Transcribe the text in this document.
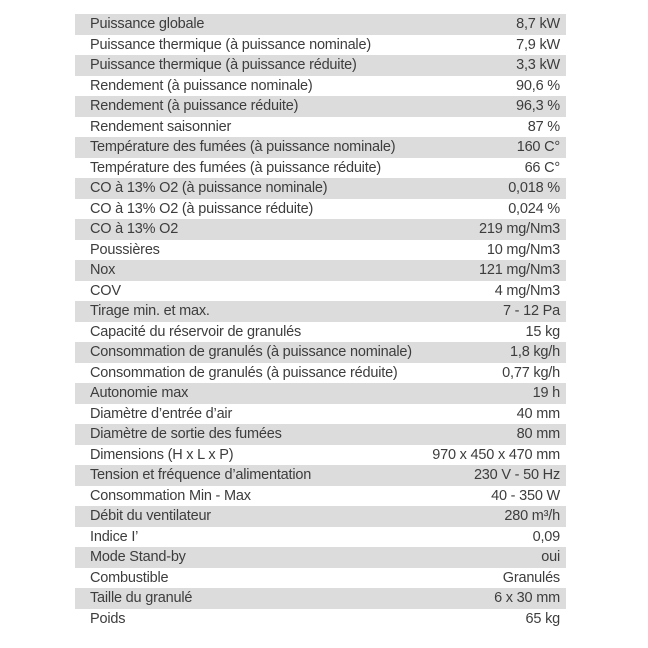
Puissance globale	8,7 kW
Puissance thermique (à puissance nominale)	7,9 kW
Puissance thermique (à puissance réduite)	3,3 kW
Rendement (à puissance nominale)	90,6 %
Rendement (à puissance réduite)	96,3 %
Rendement saisonnier	87 %
Température des fumées (à puissance nominale)	160 C°
Température des fumées (à puissance réduite)	66 C°
CO à 13% O2 (à puissance nominale)	0,018 %
CO à 13% O2 (à puissance réduite)	0,024 %
CO à 13% O2	219 mg/Nm3
Poussières	10 mg/Nm3
Nox	121 mg/Nm3
COV	4 mg/Nm3
Tirage min. et max.	7 - 12 Pa
Capacité du réservoir de granulés	15 kg
Consommation de granulés (à puissance nominale)	1,8 kg/h
Consommation de granulés (à puissance réduite)	0,77 kg/h
Autonomie max	19 h
Diamètre d’entrée d’air	40 mm
Diamètre de sortie des fumées	80 mm
Dimensions (H x L x P)	970 x 450 x 470 mm
Tension et fréquence d’alimentation	230 V - 50 Hz
Consommation Min - Max	40 - 350 W
Débit du ventilateur	280 m³/h
Indice I’	0,09
Mode Stand-by	oui
Combustible	Granulés
Taille du granulé	6 x 30 mm
Poids	65 kg
